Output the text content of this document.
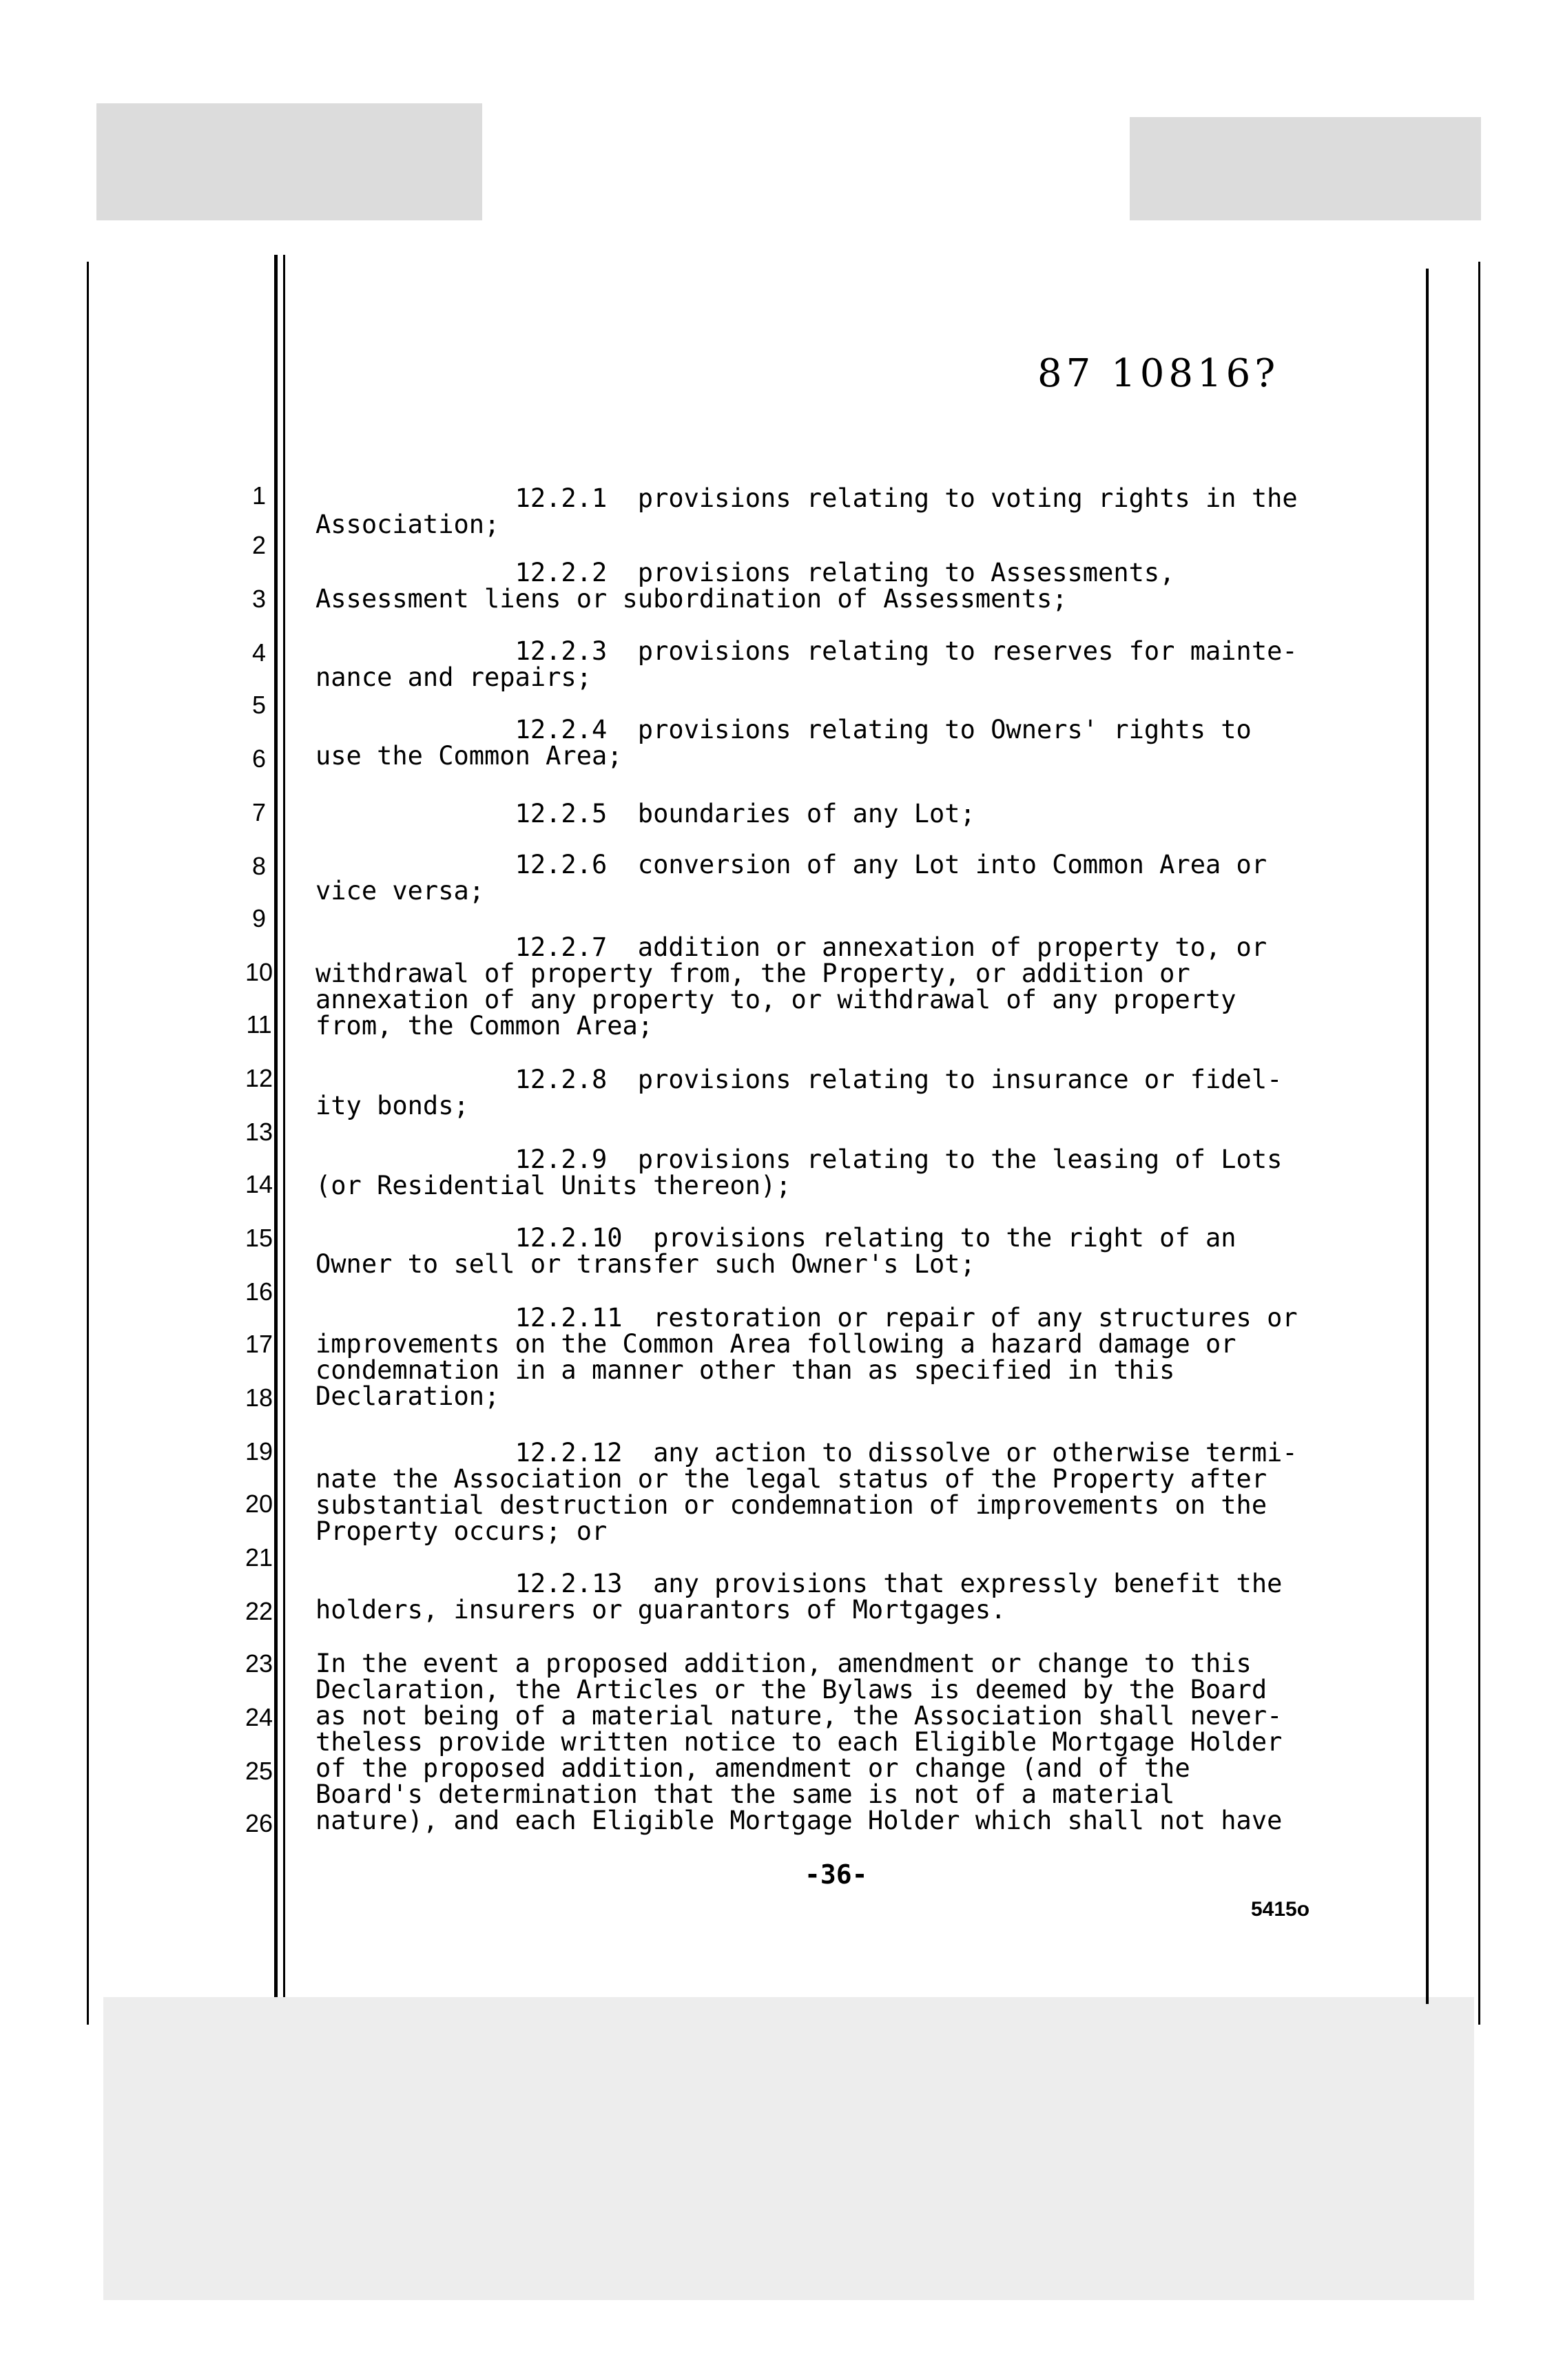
87 10816?
1
2
3
4
5
6
7
8
9
10
11
12
13
14
15
16
17
18
19
20
21
22
23
24
25
26
12.2.1  provisions relating to voting rights in the
Association;
12.2.2  provisions relating to Assessments,
Assessment liens or subordination of Assessments;
12.2.3  provisions relating to reserves for mainte-
nance and repairs;
12.2.4  provisions relating to Owners' rights to
use the Common Area;
12.2.5  boundaries of any Lot;
12.2.6  conversion of any Lot into Common Area or
vice versa;
12.2.7  addition or annexation of property to, or
withdrawal of property from, the Property, or addition or
annexation of any property to, or withdrawal of any property
from, the Common Area;
12.2.8  provisions relating to insurance or fidel-
ity bonds;
12.2.9  provisions relating to the leasing of Lots
(or Residential Units thereon);
12.2.10  provisions relating to the right of an
Owner to sell or transfer such Owner's Lot;
12.2.11  restoration or repair of any structures or
improvements on the Common Area following a hazard damage or
condemnation in a manner other than as specified in this
Declaration;
12.2.12  any action to dissolve or otherwise termi-
nate the Association or the legal status of the Property after
substantial destruction or condemnation of improvements on the
Property occurs; or
12.2.13  any provisions that expressly benefit the
holders, insurers or guarantors of Mortgages.
In the event a proposed addition, amendment or change to this
Declaration, the Articles or the Bylaws is deemed by the Board
as not being of a material nature, the Association shall never-
theless provide written notice to each Eligible Mortgage Holder
of the proposed addition, amendment or change (and of the
Board's determination that the same is not of a material
nature), and each Eligible Mortgage Holder which shall not have
-36-
5415o
